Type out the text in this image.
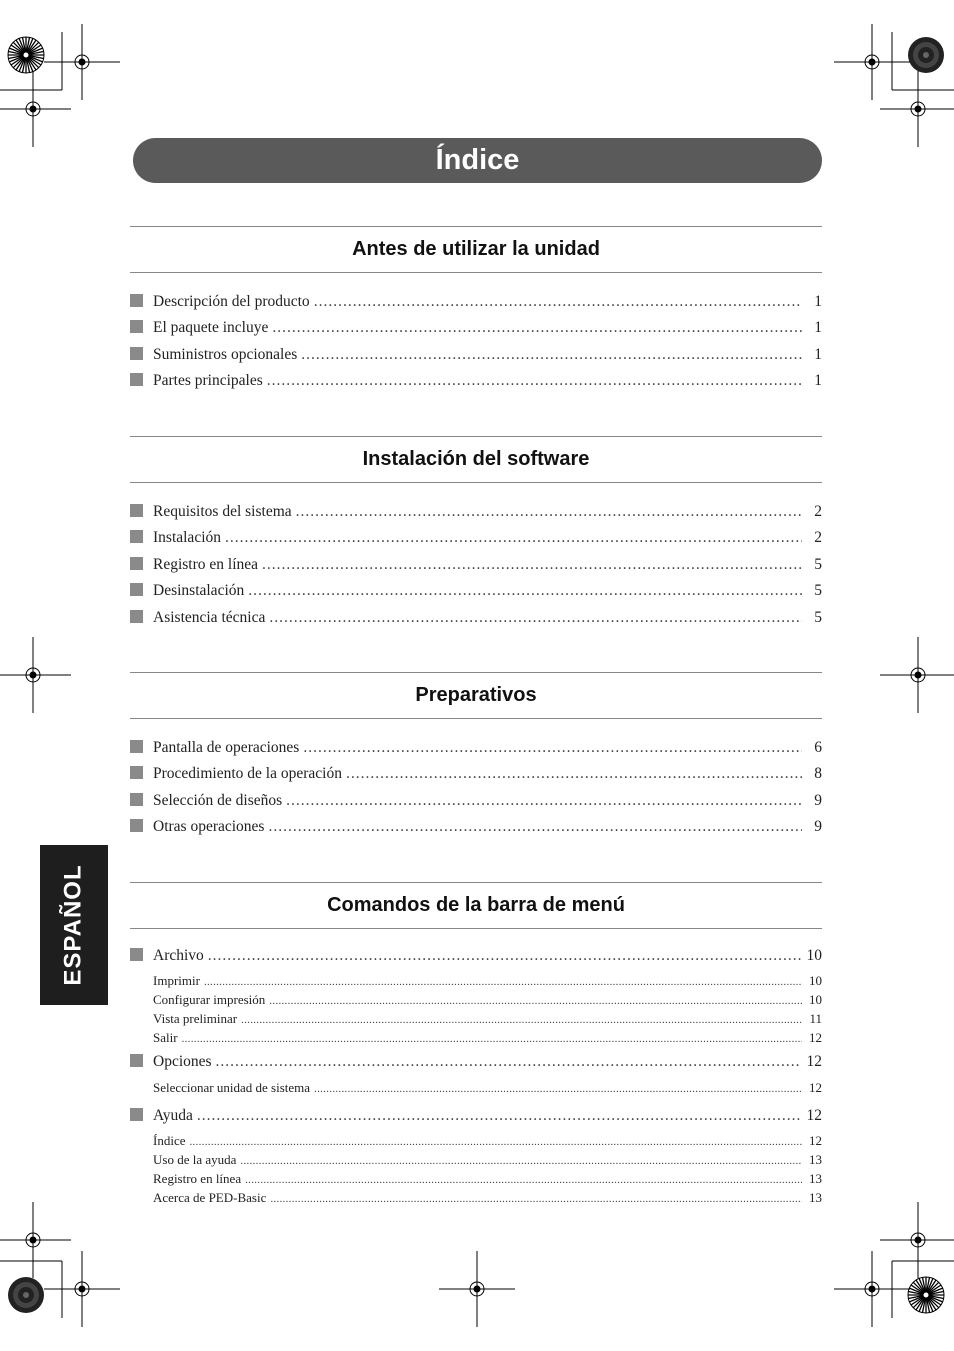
Índice
Antes de utilizar la unidad
Descripción del producto .....	1
El paquete incluye .....	1
Suministros opcionales .....	1
Partes principales .....	1
Instalación del software
Requisitos del sistema .....	2
Instalación .....	2
Registro en línea .....	5
Desinstalación .....	5
Asistencia técnica .....	5
Preparativos
Pantalla de operaciones .....	6
Procedimiento de la operación .....	8
Selección de diseños .....	9
Otras operaciones .....	9
Comandos de la barra de menú
Archivo .....	10
Imprimir .....	10
Configurar impresión .....	10
Vista preliminar .....	11
Salir .....	12
Opciones .....	12
Seleccionar unidad de sistema .....	12
Ayuda .....	12
Índice .....	12
Uso de la ayuda .....	13
Registro en línea .....	13
Acerca de PED-Basic .....	13
ESPAÑOL
